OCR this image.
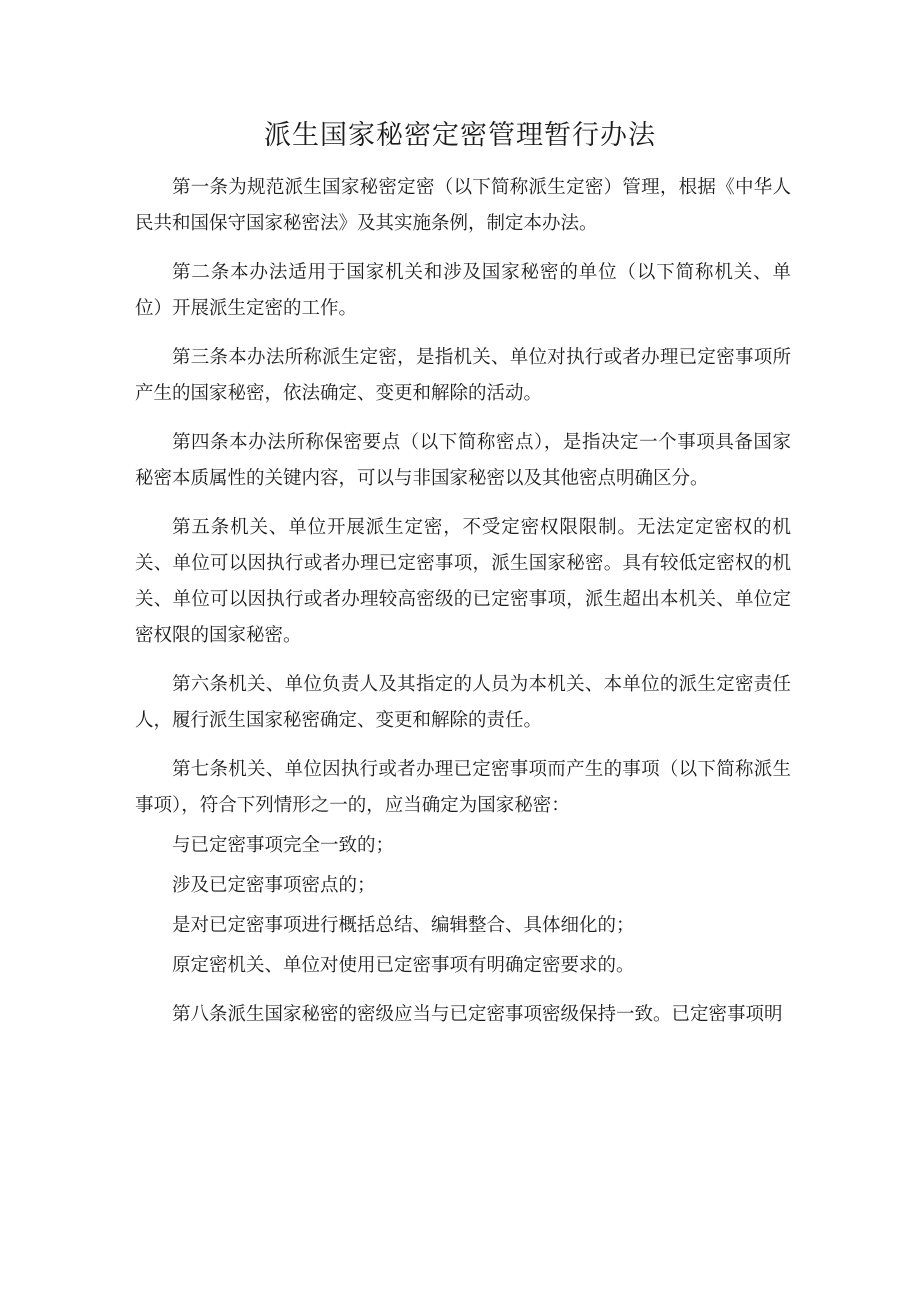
派生国家秘密定密管理暂行办法

第一条为规范派生国家秘密定密（以下简称派生定密）管理，根据《中华人民共和国保守国家秘密法》及其实施条例，制定本办法。

第二条本办法适用于国家机关和涉及国家秘密的单位（以下简称机关、单位）开展派生定密的工作。

第三条本办法所称派生定密，是指机关、单位对执行或者办理已定密事项所产生的国家秘密，依法确定、变更和解除的活动。

第四条本办法所称保密要点（以下简称密点），是指决定一个事项具备国家秘密本质属性的关键内容，可以与非国家秘密以及其他密点明确区分。

第五条机关、单位开展派生定密，不受定密权限限制。无法定定密权的机关、单位可以因执行或者办理已定密事项，派生国家秘密。具有较低定密权的机关、单位可以因执行或者办理较高密级的已定密事项，派生超出本机关、单位定密权限的国家秘密。

第六条机关、单位负责人及其指定的人员为本机关、本单位的派生定密责任人，履行派生国家秘密确定、变更和解除的责任。

第七条机关、单位因执行或者办理已定密事项而产生的事项（以下简称派生事项），符合下列情形之一的，应当确定为国家秘密：

与已定密事项完全一致的；

涉及已定密事项密点的；

是对已定密事项进行概括总结、编辑整合、具体细化的；

原定密机关、单位对使用已定密事项有明确定密要求的。

第八条派生国家秘密的密级应当与已定密事项密级保持一致。已定密事项明
